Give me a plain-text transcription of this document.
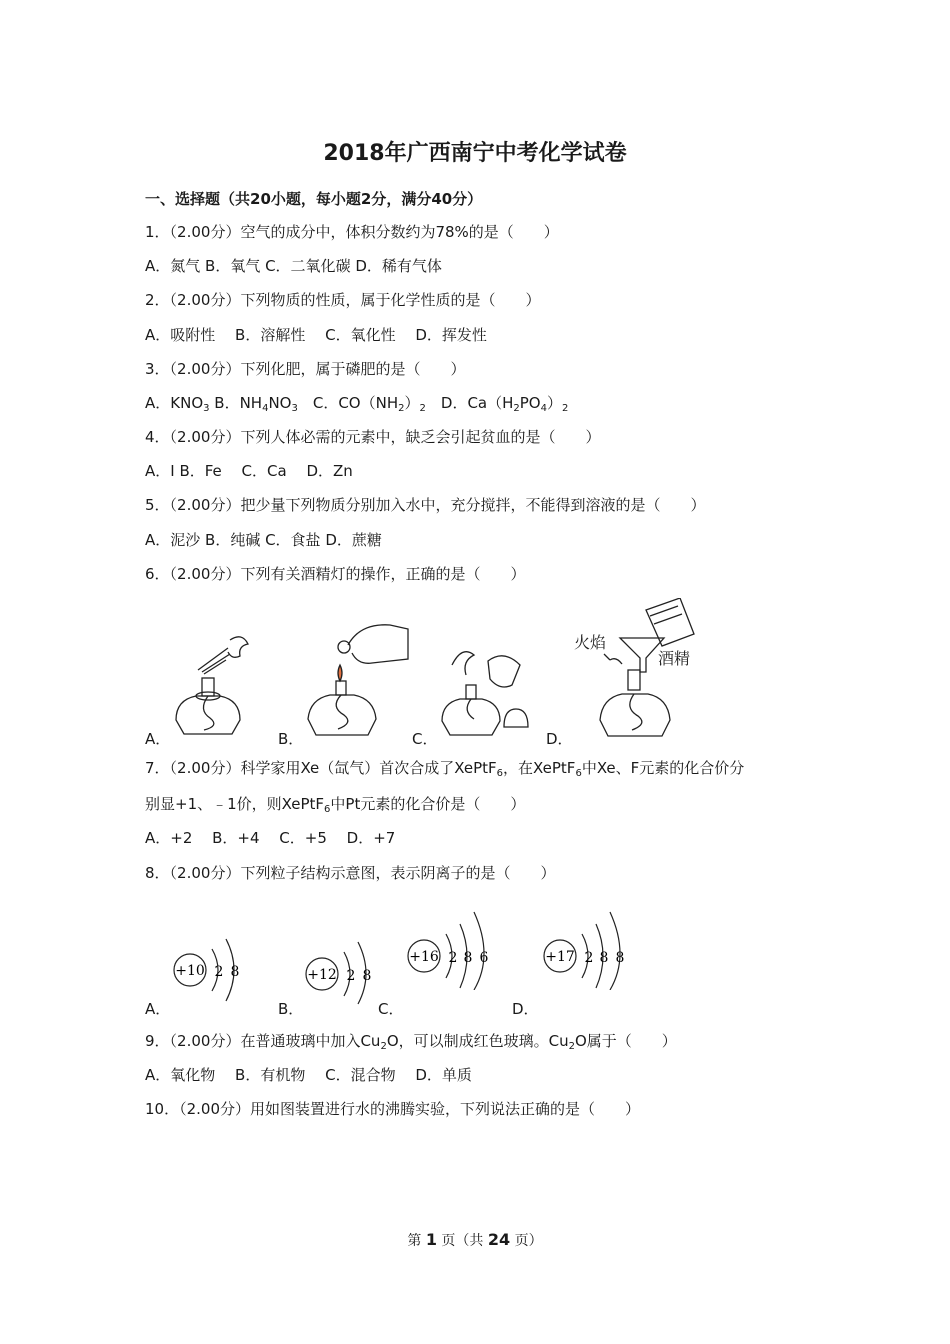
2018年广西南宁中考化学试卷
一、选择题（共20小题，每小题2分，满分40分）
1．（2.00分）空气的成分中，体积分数约为78%的是（　　）
A．氮气 B．氧气 C．二氧化碳 D．稀有气体
2．（2.00分）下列物质的性质，属于化学性质的是（　　）
A．吸附性　 B．溶解性　 C．氧化性　 D．挥发性
3．（2.00分）下列化肥，属于磷肥的是（　　）
A．$KNO_3$ B．$NH_4NO_3$　C．$CO(NH_2)_2$　D．$Ca(H_2PO_4)_2$
4．（2.00分）下列人体必需的元素中，缺乏会引起贫血的是（　　）
A．I B．Fe　 C．Ca　 D．Zn
5．（2.00分）把少量下列物质分别加入水中，充分搅拌，不能得到溶液的是（　　）
A．泥沙 B．纯碱 C．食盐 D．蔗糖
6．（2.00分）下列有关酒精灯的操作，正确的是（　　）
A．	B．	C．
火焰
酒精
D．
7．（2.00分）科学家用Xe（氙气）首次合成了XePtF$_6$，在XePtF$_6$中Xe、F元素的化合价分
别显+1、﹣1价，则XePtF$_6$中Pt元素的化合价是（　　）
A．+2　 B．+4　 C．+5　 D．+7
8．（2.00分）下列粒子结构示意图，表示阴离子的是（　　）
+10 2 8
A．
+12 2 8
B．
+16 2 8 6
C．
+17 2 8 8
D．
9．（2.00分）在普通玻璃中加入$Cu_2O$，可以制成红色玻璃。$Cu_2O$属于（　　）
A．氧化物　 B．有机物　 C．混合物　 D．单质
10．（2.00分）用如图装置进行水的沸腾实验，下列说法正确的是（　　）
第 1 页（共 24 页）
